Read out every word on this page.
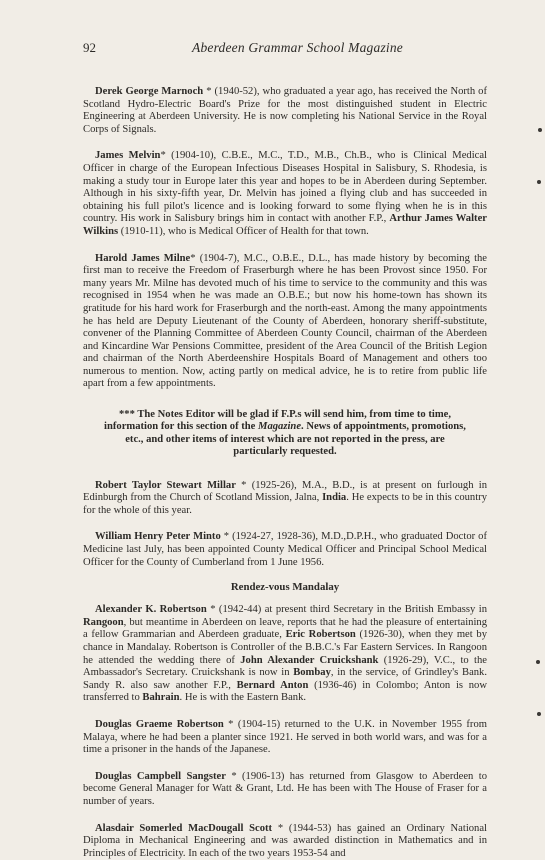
92	Aberdeen Grammar School Magazine

Derek George Marnoch * (1940-52), who graduated a year ago, has received the North of Scotland Hydro-Electric Board's Prize for the most distinguished student in Electric Engineering at Aberdeen University. He is now completing his National Service in the Royal Corps of Signals.

James Melvin* (1904-10), C.B.E., M.C., T.D., M.B., Ch.B., who is Clinical Medical Officer in charge of the European Infectious Diseases Hospital in Salisbury, S. Rhodesia, is making a study tour in Europe later this year and hopes to be in Aberdeen during September. Although in his sixty-fifth year, Dr. Melvin has joined a flying club and has succeeded in obtaining his full pilot's licence and is looking forward to some flying when he is in this country. His work in Salisbury brings him in contact with another F.P., Arthur James Walter Wilkins (1910-11), who is Medical Officer of Health for that town.

Harold James Milne* (1904-7), M.C., O.B.E., D.L., has made history by becoming the first man to receive the Freedom of Fraserburgh where he has been Provost since 1950. For many years Mr. Milne has devoted much of his time to service to the community and this was recognised in 1954 when he was made an O.B.E.; but now his home-town has shown its gratitude for his hard work for Fraserburgh and the north-east. Among the many appointments he has held are Deputy Lieutenant of the County of Aberdeen, honorary sheriff-substitute, convener of the Planning Committee of Aberdeen County Council, chairman of the Aberdeen and Kincardine War Pensions Committee, president of the Area Council of the British Legion and chairman of the North Aberdeenshire Hospitals Board of Management and others too numerous to mention. Now, acting partly on medical advice, he is to retire from public life apart from a few appointments.

*** The Notes Editor will be glad if F.P.s will send him, from time to time, information for this section of the Magazine. News of appointments, promotions, etc., and other items of interest which are not reported in the press, are particularly requested.

Robert Taylor Stewart Millar * (1925-26), M.A., B.D., is at present on furlough in Edinburgh from the Church of Scotland Mission, Jalna, India. He expects to be in this country for the whole of this year.

William Henry Peter Minto * (1924-27, 1928-36), M.D.,D.P.H., who graduated Doctor of Medicine last July, has been appointed County Medical Officer and Principal School Medical Officer for the County of Cumberland from 1 June 1956.

Rendez-vous Mandalay

Alexander K. Robertson * (1942-44) at present third Secretary in the British Embassy in Rangoon, but meantime in Aberdeen on leave, reports that he had the pleasure of entertaining a fellow Grammarian and Aberdeen graduate, Eric Robertson (1926-30), when they met by chance in Mandalay. Robertson is Controller of the B.B.C.'s Far Eastern Services. In Rangoon he attended the wedding there of John Alexander Cruickshank (1926-29), V.C., to the Ambassador's Secretary. Cruickshank is now in Bombay, in the service, of Grindley's Bank. Sandy R. also saw another F.P., Bernard Anton (1936-46) in Colombo; Anton is now transferred to Bahrain. He is with the Eastern Bank.

Douglas Graeme Robertson * (1904-15) returned to the U.K. in November 1955 from Malaya, where he had been a planter since 1921. He served in both world wars, and was for a time a prisoner in the hands of the Japanese.

Douglas Campbell Sangster * (1906-13) has returned from Glasgow to Aberdeen to become General Manager for Watt & Grant, Ltd. He has been with The House of Fraser for a number of years.

Alasdair Somerled MacDougall Scott * (1944-53) has gained an Ordinary National Diploma in Mechanical Engineering and was awarded distinction in Mathematics and in Principles of Electricity. In each of the two years 1953-54 and
